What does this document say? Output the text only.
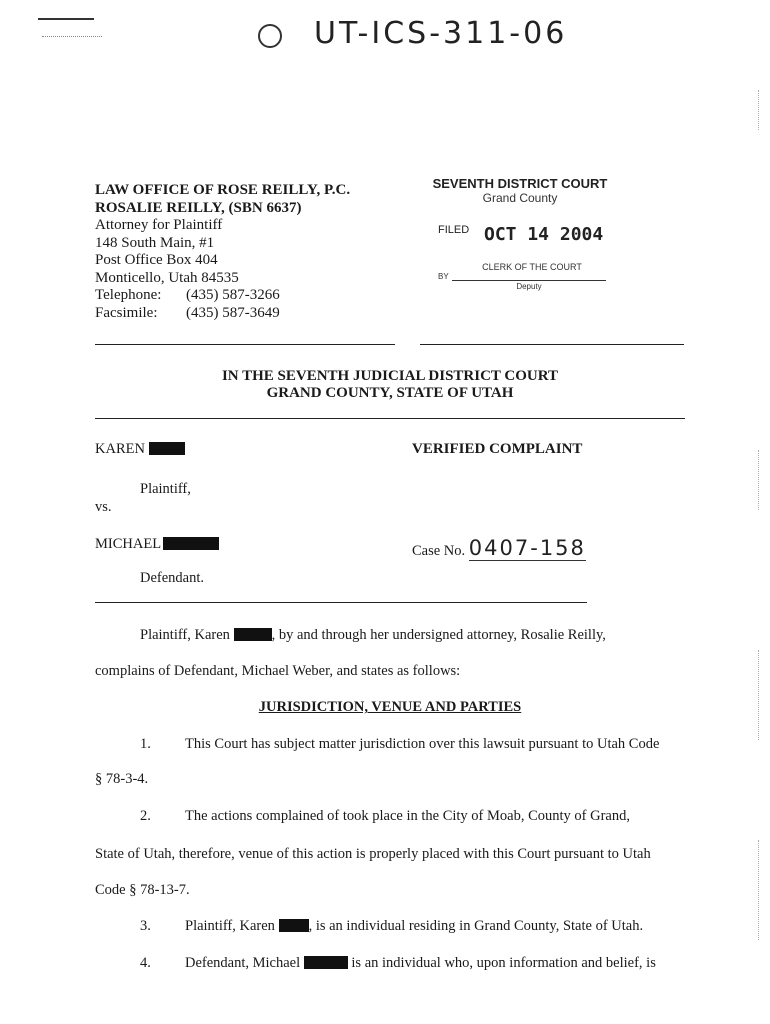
UT-ICS-311-06
LAW OFFICE OF ROSE REILLY, P.C.
ROSALIE REILLY, (SBN 6637)
Attorney for Plaintiff
148 South Main, #1
Post Office Box 404
Monticello, Utah 84535
Telephone: (435) 587-3266
Facsimile: (435) 587-3649
SEVENTH DISTRICT COURT
Grand County
FILED OCT 14 2004
CLERK OF THE COURT
BY
Deputy
IN THE SEVENTH JUDICIAL DISTRICT COURT
GRAND COUNTY, STATE OF UTAH
KAREN
Plaintiff,
vs.
MICHAEL
Defendant.
VERIFIED COMPLAINT
Case No. 0407-158
Plaintiff, Karen	, by and through her undersigned attorney, Rosalie Reilly,
complains of Defendant, Michael Weber, and states as follows:
JURISDICTION, VENUE AND PARTIES
1. This Court has subject matter jurisdiction over this lawsuit pursuant to Utah Code
§ 78-3-4.
2. The actions complained of took place in the City of Moab, County of Grand,
State of Utah, therefore, venue of this action is properly placed with this Court pursuant to Utah
Code § 78-13-7.
3. Plaintiff, Karen , is an individual residing in Grand County, State of Utah.
4. Defendant, Michael	is an individual who, upon information and belief, is
